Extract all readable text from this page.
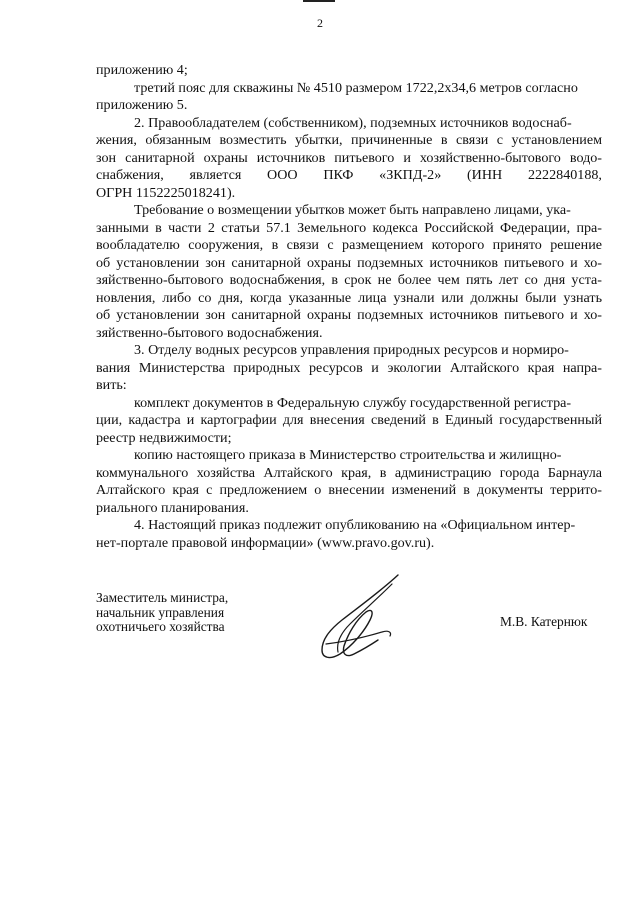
2
приложению 4;
третий пояс для скважины № 4510 размером 1722,2х34,6 метров согласно
приложению 5.
2. Правообладателем (собственником), подземных источников водоснаб-
жения, обязанным возместить убытки, причиненные в связи с установлением
зон санитарной охраны источников питьевого и хозяйственно-бытового водо-
снабжения, является ООО ПКФ «ЗКПД-2» (ИНН 2222840188,
ОГРН 1152225018241).
Требование о возмещении убытков может быть направлено лицами, ука-
занными в части 2 статьи 57.1 Земельного кодекса Российской Федерации, пра-
вообладателю сооружения, в связи с размещением которого принято решение
об установлении зон санитарной охраны подземных источников питьевого и хо-
зяйственно-бытового водоснабжения, в срок не более чем пять лет со дня уста-
новления, либо со дня, когда указанные лица узнали или должны были узнать
об установлении зон санитарной охраны подземных источников питьевого и хо-
зяйственно-бытового водоснабжения.
3. Отделу водных ресурсов управления природных ресурсов и нормиро-
вания Министерства природных ресурсов и экологии Алтайского края напра-
вить:
комплект документов в Федеральную службу государственной регистра-
ции, кадастра и картографии для внесения сведений в Единый государственный
реестр недвижимости;
копию настоящего приказа в Министерство строительства и жилищно-
коммунального хозяйства Алтайского края, в администрацию города Барнаула
Алтайского края с предложением о внесении изменений в документы террито-
риального планирования.
4. Настоящий приказ подлежит опубликованию на «Официальном интер-
нет-портале правовой информации» (www.pravo.gov.ru).
Заместитель министра,
начальник управления
охотничьего хозяйства	М.В. Катернюк
